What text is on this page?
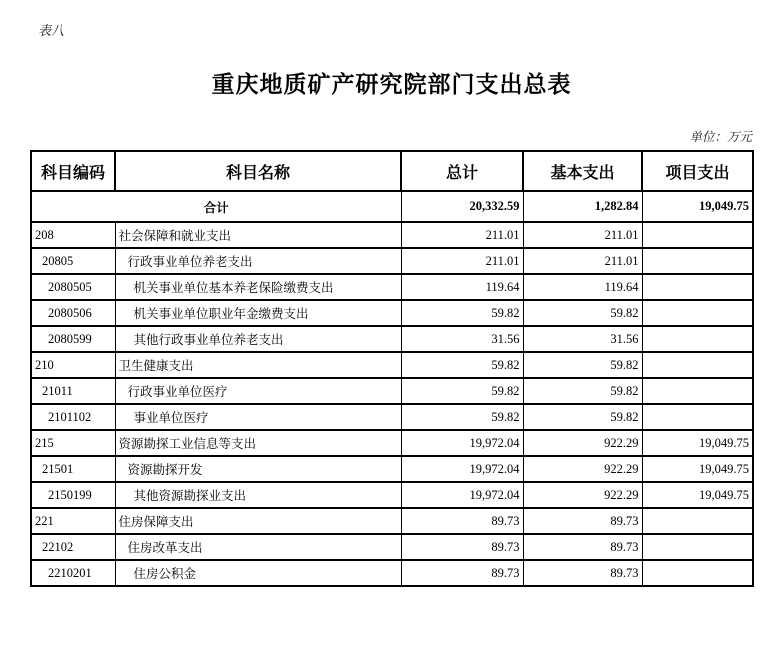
表八
重庆地质矿产研究院部门支出总表
单位：万元
科目编码	科目名称	总计	基本支出	项目支出
合计		20,332.59	1,282.84	19,049.75
208	社会保障和就业支出	211.01	211.01	
20805	行政事业单位养老支出	211.01	211.01	
2080505	机关事业单位基本养老保险缴费支出	119.64	119.64	
2080506	机关事业单位职业年金缴费支出	59.82	59.82	
2080599	其他行政事业单位养老支出	31.56	31.56	
210	卫生健康支出	59.82	59.82	
21011	行政事业单位医疗	59.82	59.82	
2101102	事业单位医疗	59.82	59.82	
215	资源勘探工业信息等支出	19,972.04	922.29	19,049.75
21501	资源勘探开发	19,972.04	922.29	19,049.75
2150199	其他资源勘探业支出	19,972.04	922.29	19,049.75
221	住房保障支出	89.73	89.73	
22102	住房改革支出	89.73	89.73	
2210201	住房公积金	89.73	89.73	
